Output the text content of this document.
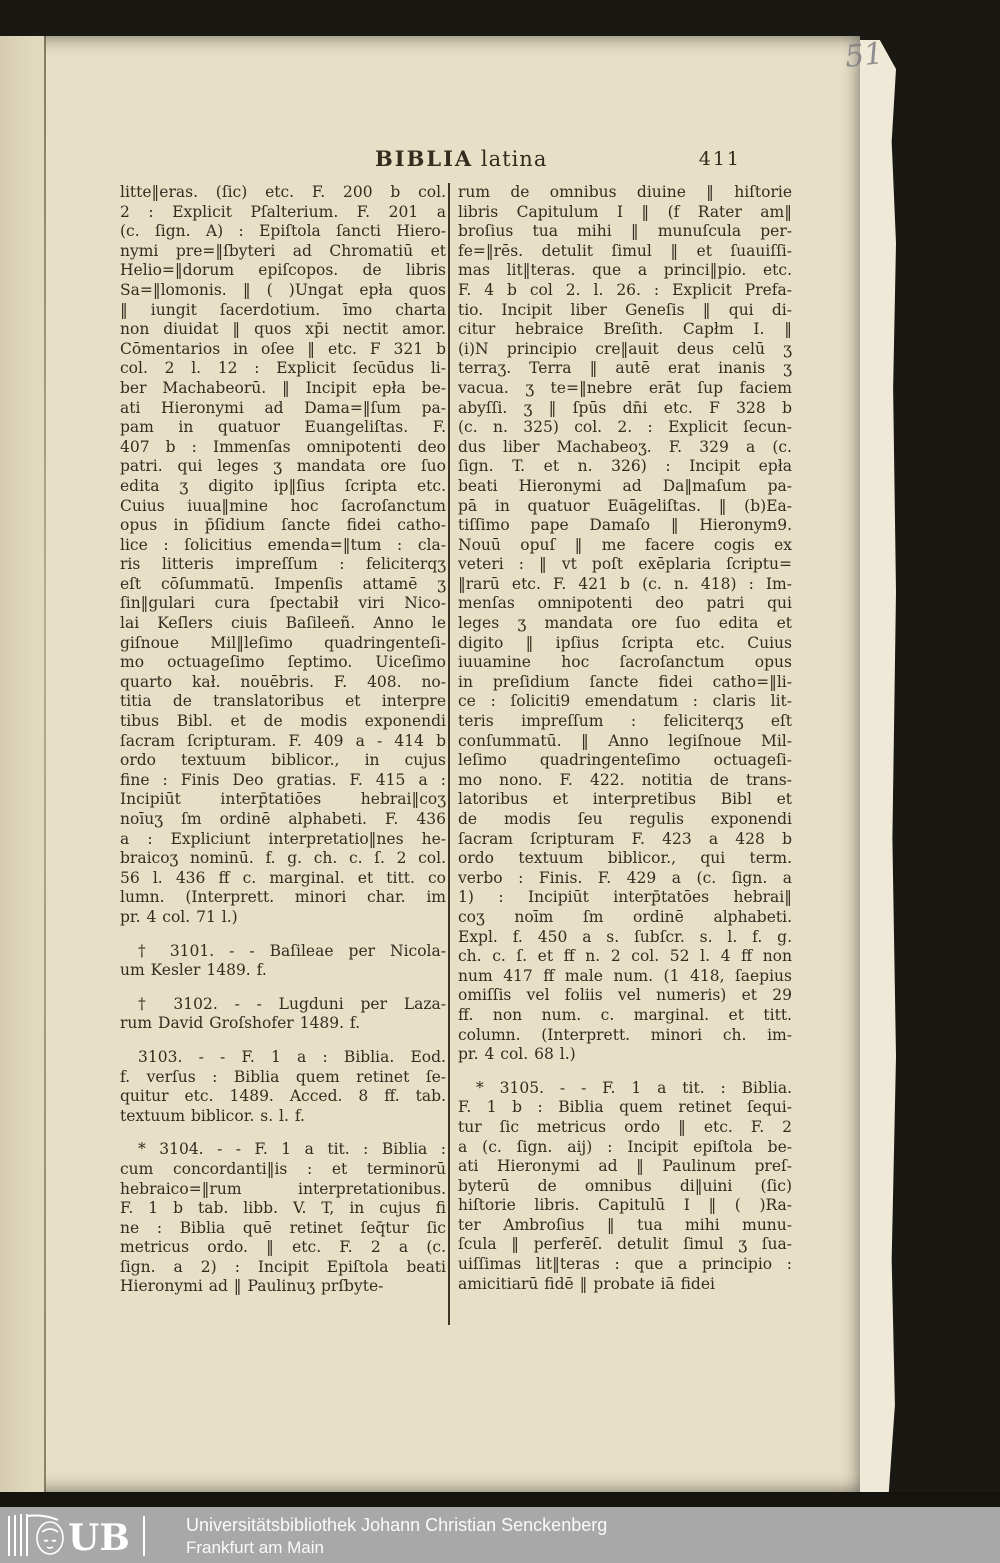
51
BIBLIA latina	411
litte‖eras. (ſic) etc. F. 200 b col.
2 : Explicit Pſalterium. F. 201 a
(c. ſign. A) : Epiſtola ſancti Hiero-
nymi pre=‖ſbyteri ad Chromatiū et
Helio=‖dorum epiſcopos. de libris
Sa=‖lomonis. ‖ ( )Ungat epła quos
‖ iungit ſacerdotium. īmo charta
non diuidat ‖ quos xp̄i nectit amor.
Cōmentarios in oſee ‖ etc. F 321 b
col. 2 l. 12 : Explicit ſecūdus li-
ber Machabeorū. ‖ Incipit epła be-
ati Hieronymi ad Dama=‖ſum pa-
pam in quatuor Euangeliſtas. F.
407 b : Immenſas omnipotenti deo
patri. qui leges ʒ mandata ore ſuo
edita ʒ digito ip‖ſius ſcripta etc.
Cuius iuua‖mine hoc ſacroſanctum
opus in p̄ſidium ſancte fidei catho-
lice : ſolicitius emenda=‖tum : cla-
ris litteris impreſſum : feliciterqʒ
eſt cōſummatū. Impenſis attamē ʒ
ſin‖gulari cura ſpectabił viri Nico-
lai Keſlers ciuis Baſileeñ. Anno le
giſnoue Mil‖leſimo quadringenteſi-
mo octuageſimo ſeptimo. Uiceſimo
quarto kał. nouēbris. F. 408. no-
titia de translatoribus et interpre
tibus Bibl. et de modis exponendi
ſacram ſcripturam. F. 409 a - 414 b
ordo textuum biblicor., in cujus
fine : Finis Deo gratias. F. 415 a :
Incipiūt interp̄tatiōes hebrai‖coʒ
noīuʒ ſm ordinē alphabeti. F. 436
a : Expliciunt interpretatio‖nes he-
braicoʒ nominū. f. g. ch. c. ſ. 2 col.
56 l. 436 ff c. marginal. et titt. co
lumn. (Interprett. minori char. im
pr. 4 col. 71 l.)
† 3101. - - Baſileae per Nicola-
um Kesler 1489. f.
† 3102. - - Lugduni per Laza-
rum David Groſshofer 1489. f.
3103. - - F. 1 a : Biblia. Eod.
f. verſus : Biblia quem retinet ſe-
quitur etc. 1489. Acced. 8 ff. tab.
textuum biblicor. s. l. f.
* 3104. - - F. 1 a tit. : Biblia :
cum concordanti‖is : et terminorū
hebraico=‖rum interpretationibus.
F. 1 b tab. libb. V. T, in cujus fi
ne : Biblia quē retinet ſeq̄tur ſic
metricus ordo. ‖ etc. F. 2 a (c.
ſign. a 2) : Incipit Epiſtola beati
Hieronymi ad ‖ Paulinuʒ prſbyte-
rum de omnibus diuine ‖ hiſtorie
libris Capitulum I ‖ (f Rater am‖
broſius tua mihi ‖ munuſcula per-
fe=‖rēs. detulit ſimul ‖ et ſuauiſſi-
mas lit‖teras. que a princi‖pio. etc.
F. 4 b col 2. l. 26. : Explicit Prefa-
tio. Incipit liber Geneſis ‖ qui di-
citur hebraice Breſith. Capłm I. ‖
(i)N principio cre‖auit deus celū ʒ
terraʒ. Terra ‖ autē erat inanis ʒ
vacua. ʒ te=‖nebre erāt ſup faciem
abyſſi. ʒ ‖ ſpūs dn̄i etc. F 328 b
(c. n. 325) col. 2. : Explicit ſecun-
dus liber Machabeoʒ. F. 329 a (c.
ſign. T. et n. 326) : Incipit epła
beati Hieronymi ad Da‖maſum pa-
pā in quatuor Euāgeliſtas. ‖ (b)Ea-
tiſſimo pape Damaſo ‖ Hieronym9.
Nouū opuſ ‖ me facere cogis ex
veteri : ‖ vt poſt exēplaria ſcriptu=
‖rarū etc. F. 421 b (c. n. 418) : Im-
menſas omnipotenti deo patri qui
leges ʒ mandata ore ſuo edita et
digito ‖ ipſius ſcripta etc. Cuius
iuuamine hoc ſacroſanctum opus
in preſidium ſancte fidei catho=‖li-
ce : ſoliciti9 emendatum : claris lit-
teris impreſſum : feliciterqʒ eſt
conſummatū. ‖ Anno legiſnoue Mil-
leſimo quadringenteſimo octuageſi-
mo nono. F. 422. notitia de trans-
latoribus et interpretibus Bibl et
de modis ſeu regulis exponendi
ſacram ſcripturam F. 423 a 428 b
ordo textuum biblicor., qui term.
verbo : Finis. F. 429 a (c. ſign. a
1) : Incipiūt interp̄tatōes hebrai‖
coʒ noīm ſm ordinē alphabeti.
Expl. f. 450 a s. ſubſcr. s. l. f. g.
ch. c. ſ. et ff n. 2 col. 52 l. 4 ff non
num 417 ff male num. (1 418, ſaepius
omiſſis vel foliis vel numeris) et 29
ff. non num. c. marginal. et titt.
column. (Interprett. minori ch. im-
pr. 4 col. 68 l.)
* 3105. - - F. 1 a tit. : Biblia.
F. 1 b : Biblia quem retinet ſequi-
tur ſic metricus ordo ‖ etc. F. 2
a (c. ſign. aij) : Incipit epiſtola be-
ati Hieronymi ad ‖ Paulinum preſ-
byterū de omnibus di‖uini (ſic)
hiſtorie libris. Capitulū I ‖ ( )Ra-
ter Ambroſius ‖ tua mihi munu-
ſcula ‖ perferēſ. detulit ſimul ʒ ſua-
uiſſimas lit‖teras : que a principio :
amicitiarū fidē ‖ probate iā fidei
UB	Universitätsbibliothek Johann Christian Senckenberg
Frankfurt am Main
